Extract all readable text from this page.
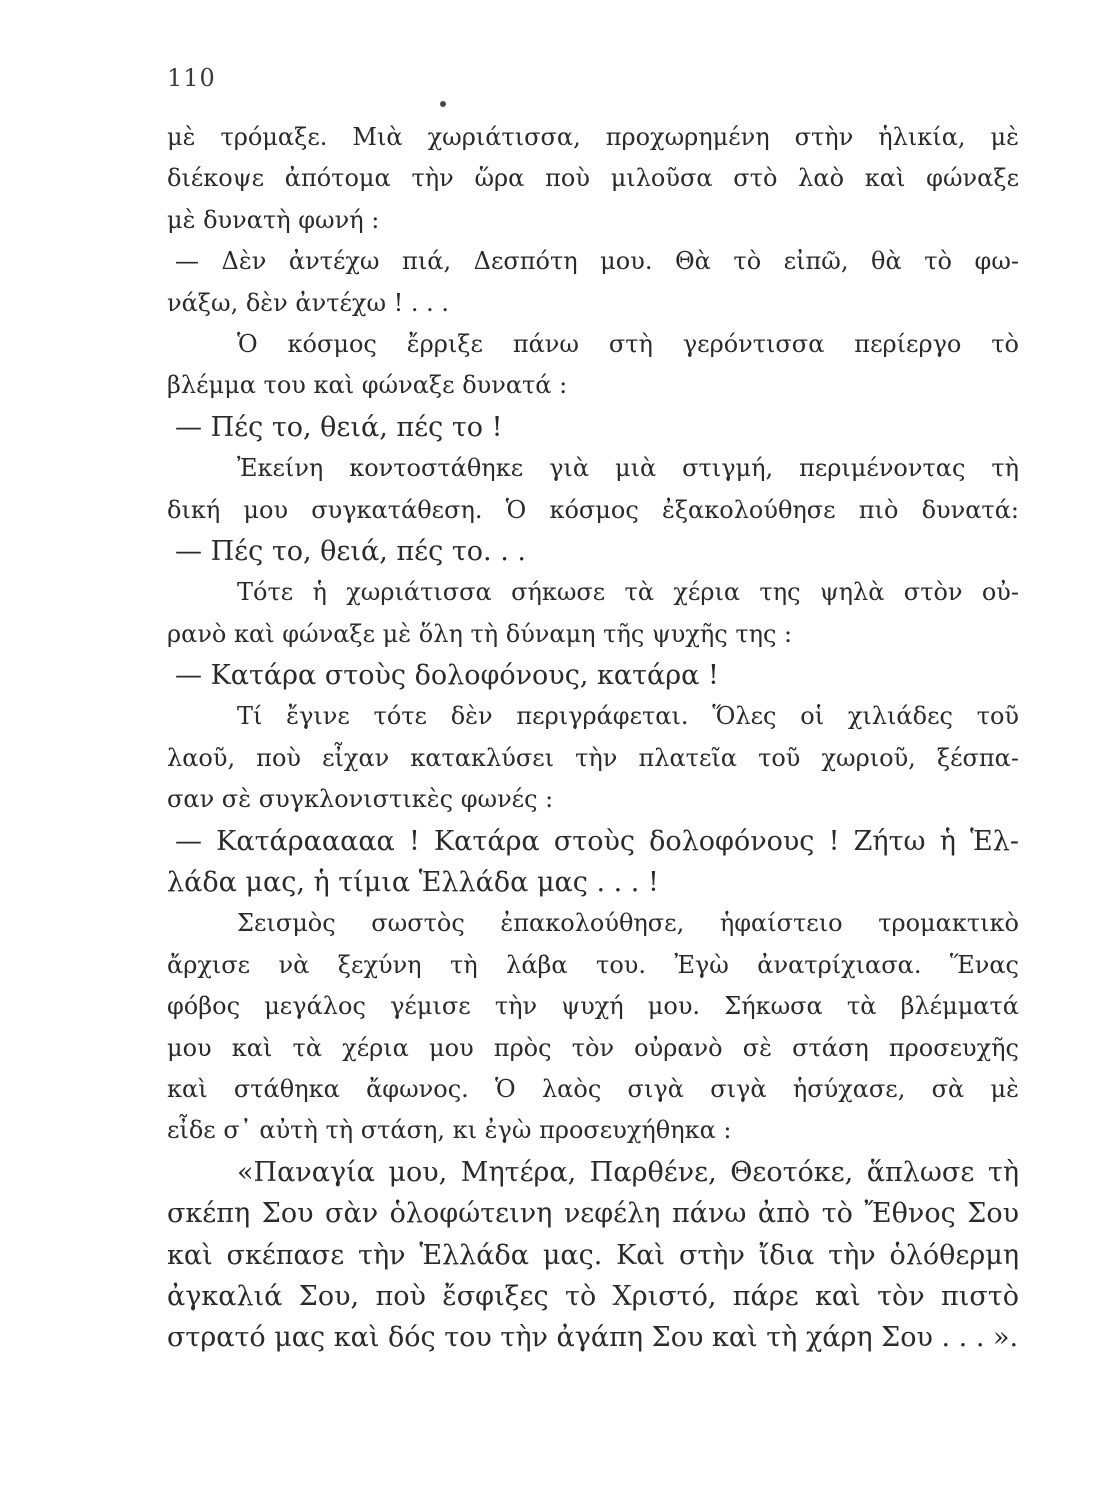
110
μὲ τρόμαξε. Μιὰ χωριάτισσα, προχωρημένη στὴν ἡλικία, μὲ
διέκοψε ἀπότομα τὴν ὥρα ποὺ μιλοῦσα στὸ λαὸ καὶ φώναξε
μὲ δυνατὴ φωνή :
— Δὲν ἀντέχω πιά, Δεσπότη μου. Θὰ τὸ εἰπῶ, θὰ τὸ φω-
νάξω, δὲν ἀντέχω ! . . .
Ὁ κόσμος ἔρριξε πάνω στὴ γερόντισσα περίεργο τὸ
βλέμμα του καὶ φώναξε δυνατά :
— Πές το, θειά, πές το !
Ἐκείνη κοντοστάθηκε γιὰ μιὰ στιγμή, περιμένοντας τὴ
δική μου συγκατάθεση. Ὁ κόσμος ἐξακολούθησε πιὸ δυνατά:
— Πές το, θειά, πές το. . .
Τότε ἡ χωριάτισσα σήκωσε τὰ χέρια της ψηλὰ στὸν οὐ-
ρανὸ καὶ φώναξε μὲ ὅλη τὴ δύναμη τῆς ψυχῆς της :
— Κατάρα στοὺς δολοφόνους, κατάρα !
Τί ἔγινε τότε δὲν περιγράφεται. Ὅλες οἱ χιλιάδες τοῦ
λαοῦ, ποὺ εἶχαν κατακλύσει τὴν πλατεῖα τοῦ χωριοῦ, ξέσπα-
σαν σὲ συγκλονιστικὲς φωνές :
— Κατάρααααα ! Κατάρα στοὺς δολοφόνους ! Ζήτω ἡ Ἑλ-
λάδα μας, ἡ τίμια Ἑλλάδα μας . . . !
Σεισμὸς σωστὸς ἐπακολούθησε, ἡφαίστειο τρομακτικὸ
ἄρχισε νὰ ξεχύνη τὴ λάβα του. Ἐγὼ ἀνατρίχιασα. Ἕνας
φόβος μεγάλος γέμισε τὴν ψυχή μου. Σήκωσα τὰ βλέμματά
μου καὶ τὰ χέρια μου πρὸς τὸν οὐρανὸ σὲ στάση προσευχῆς
καὶ στάθηκα ἄφωνος. Ὁ λαὸς σιγὰ σιγὰ ἡσύχασε, σὰ μὲ
εἶδε σ᾿ αὐτὴ τὴ στάση, κι ἐγὼ προσευχήθηκα :
«Παναγία μου, Μητέρα, Παρθένε, Θεοτόκε, ἅπλωσε τὴ
σκέπη Σου σὰν ὁλοφώτεινη νεφέλη πάνω ἀπὸ τὸ Ἔθνος Σου
καὶ σκέπασε τὴν Ἑλλάδα μας. Καὶ στὴν ἴδια τὴν ὁλόθερμη
ἀγκαλιά Σου, ποὺ ἔσφιξες τὸ Χριστό, πάρε καὶ τὸν πιστὸ
στρατό μας καὶ δός του τὴν ἀγάπη Σου καὶ τὴ χάρη Σου . . . ».
